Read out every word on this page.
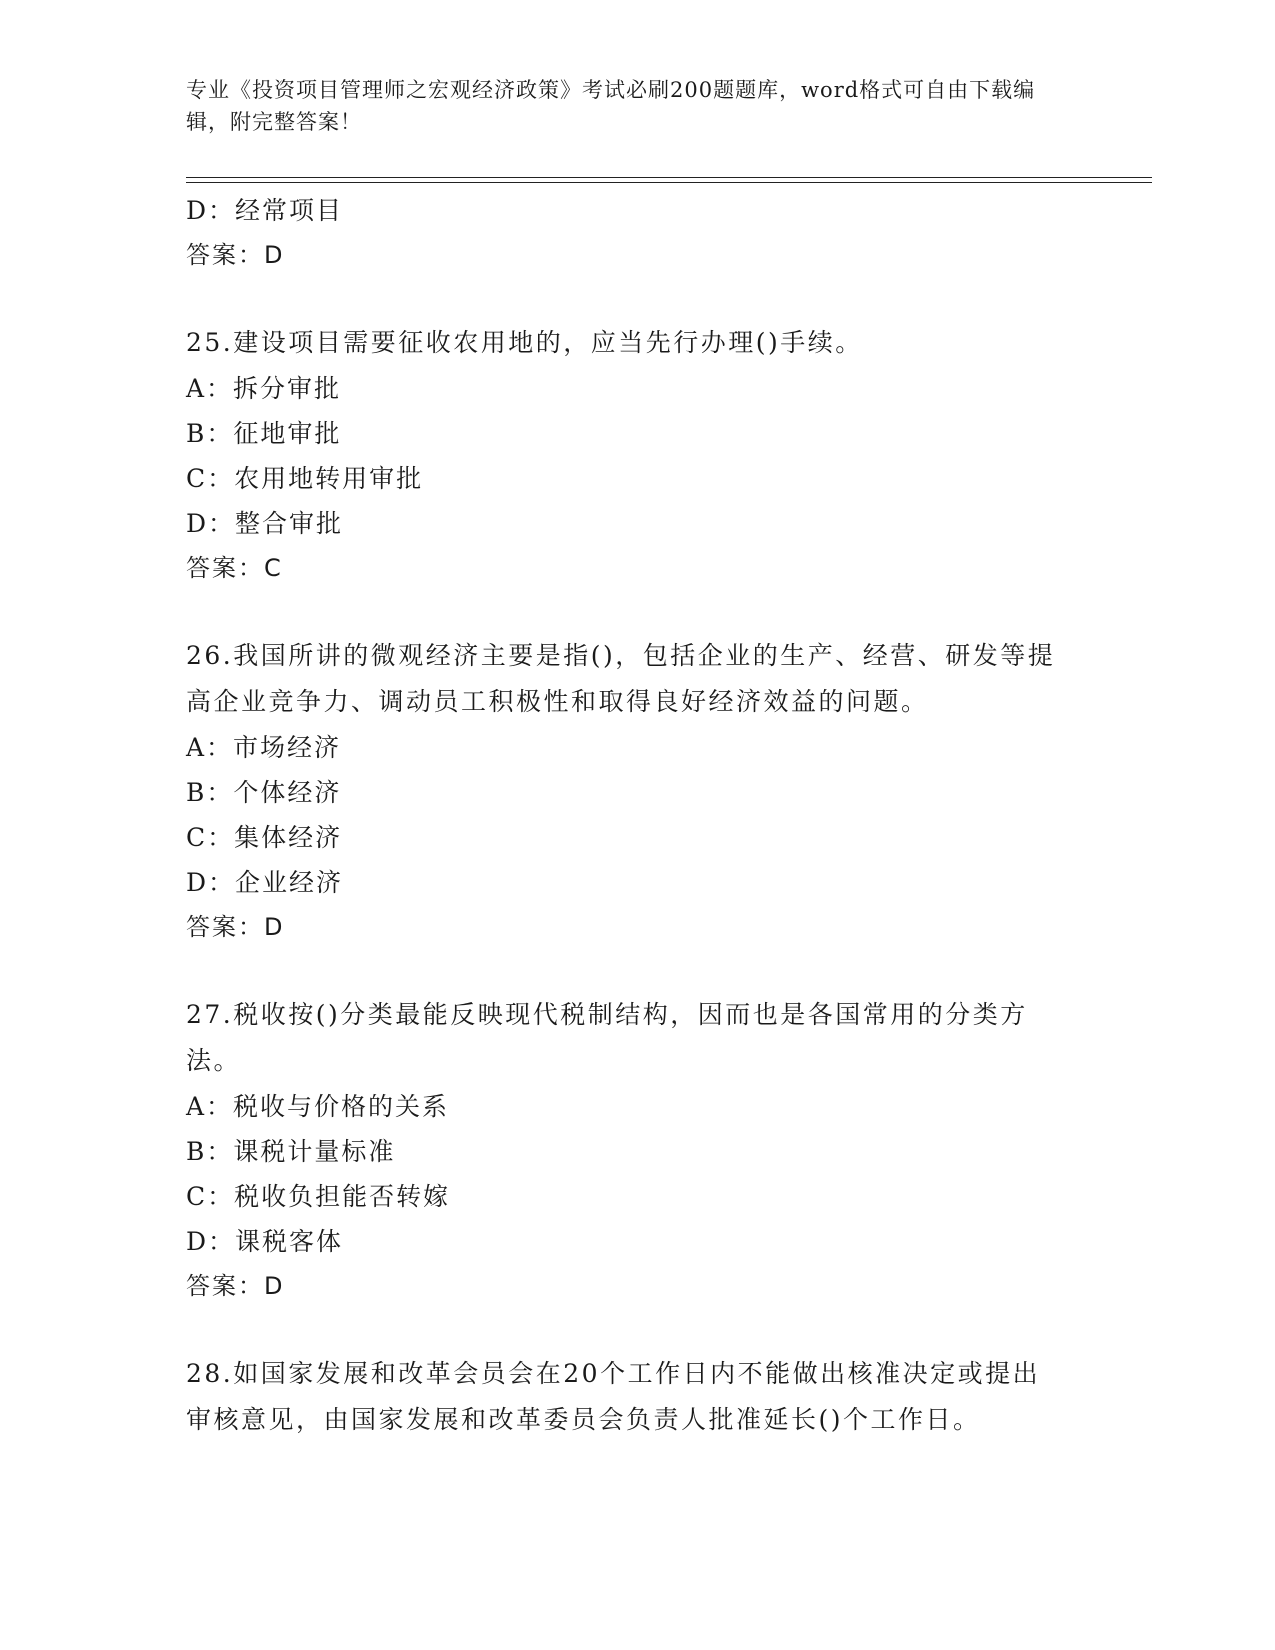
专业《投资项目管理师之宏观经济政策》考试必刷200题题库，word格式可自由下载编辑，附完整答案！
D：经常项目
答案：D
25.建设项目需要征收农用地的，应当先行办理()手续。
A：拆分审批
B：征地审批
C：农用地转用审批
D：整合审批
答案：C
26.我国所讲的微观经济主要是指()，包括企业的生产、经营、研发等提高企业竞争力、调动员工积极性和取得良好经济效益的问题。
A：市场经济
B：个体经济
C：集体经济
D：企业经济
答案：D
27.税收按()分类最能反映现代税制结构，因而也是各国常用的分类方法。
A：税收与价格的关系
B：课税计量标准
C：税收负担能否转嫁
D：课税客体
答案：D
28.如国家发展和改革会员会在20个工作日内不能做出核准决定或提出审核意见，由国家发展和改革委员会负责人批准延长()个工作日。
